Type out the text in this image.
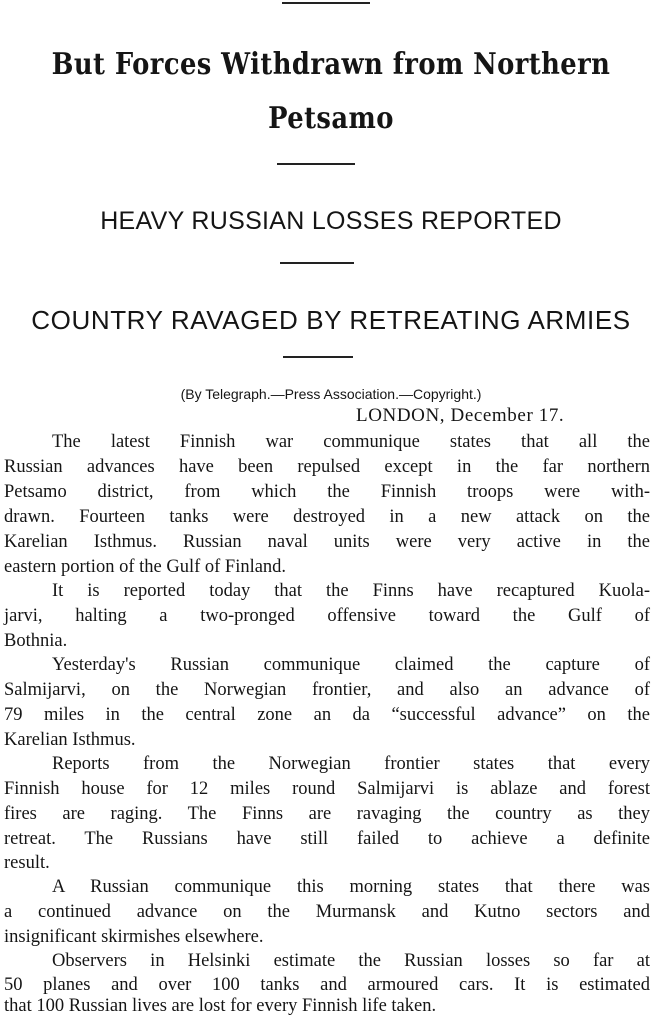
But Forces Withdrawn from Northern
Petsamo
HEAVY RUSSIAN LOSSES REPORTED
COUNTRY RAVAGED BY RETREATING ARMIES
(By Telegraph.—Press Association.—Copyright.)
LONDON, December 17.
The latest Finnish war communique states that all the
Russian advances have been repulsed except in the far northern
Petsamo district, from which the Finnish troops were with-
drawn. Fourteen tanks were destroyed in a new attack on the
Karelian Isthmus. Russian naval units were very active in the
eastern portion of the Gulf of Finland.
It is reported today that the Finns have recaptured Kuola-
jarvi, halting a two-pronged offensive toward the Gulf of
Bothnia.
Yesterday's Russian communique claimed the capture of
Salmijarvi, on the Norwegian frontier, and also an advance of
79 miles in the central zone an da “successful advance” on the
Karelian Isthmus.
Reports from the Norwegian frontier states that every
Finnish house for 12 miles round Salmijarvi is ablaze and forest
fires are raging. The Finns are ravaging the country as they
retreat. The Russians have still failed to achieve a definite
result.
A Russian communique this morning states that there was
a continued advance on the Murmansk and Kutno sectors and
insignificant skirmishes elsewhere.
Observers in Helsinki estimate the Russian losses so far at
50 planes and over 100 tanks and armoured cars. It is estimated
that 100 Russian lives are lost for every Finnish life taken.
